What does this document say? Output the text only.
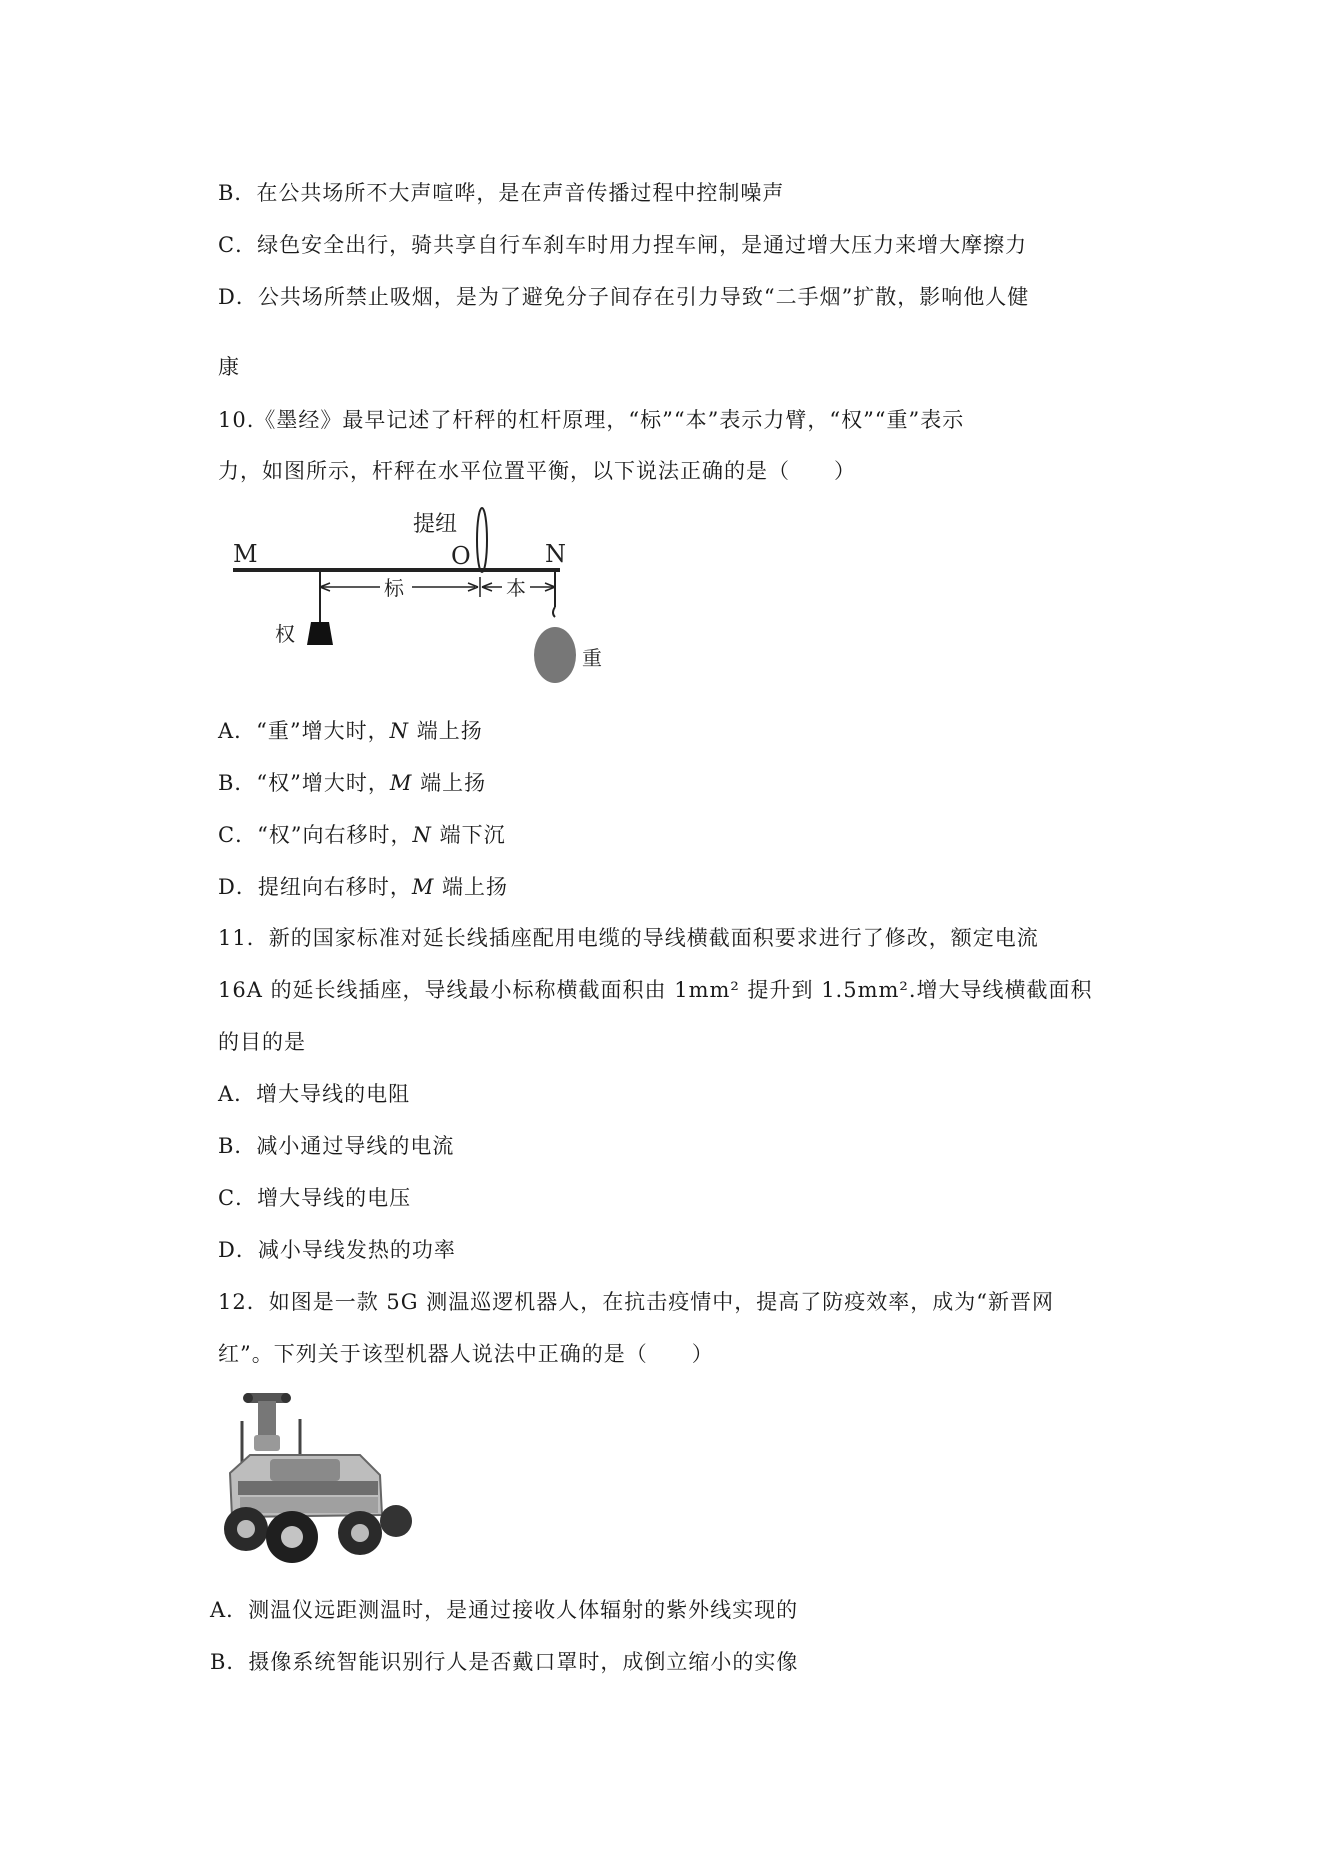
B．在公共场所不大声喧哗，是在声音传播过程中控制噪声
C．绿色安全出行，骑共享自行车刹车时用力捏车闸，是通过增大压力来增大摩擦力
D．公共场所禁止吸烟，是为了避免分子间存在引力导致“二手烟”扩散，影响他人健
康
10.《墨经》最早记述了杆秤的杠杆原理，“标”“本”表示力臂，“权”“重”表示
力，如图所示，杆秤在水平位置平衡，以下说法正确的是（　　）
M	O	N
提纽
标	本
权
重
A．“重”增大时，N 端上扬
B．“权”增大时，M 端上扬
C．“权”向右移时，N 端下沉
D．提纽向右移时，M 端上扬
11．新的国家标准对延长线插座配用电缆的导线横截面积要求进行了修改，额定电流
16A 的延长线插座，导线最小标称横截面积由 1mm² 提升到 1.5mm².增大导线横截面积
的目的是
A．增大导线的电阻
B．减小通过导线的电流
C．增大导线的电压
D．减小导线发热的功率
12．如图是一款 5G 测温巡逻机器人，在抗击疫情中，提高了防疫效率，成为“新晋网
红”。下列关于该型机器人说法中正确的是（　　）
A．测温仪远距测温时，是通过接收人体辐射的紫外线实现的
B．摄像系统智能识别行人是否戴口罩时，成倒立缩小的实像
